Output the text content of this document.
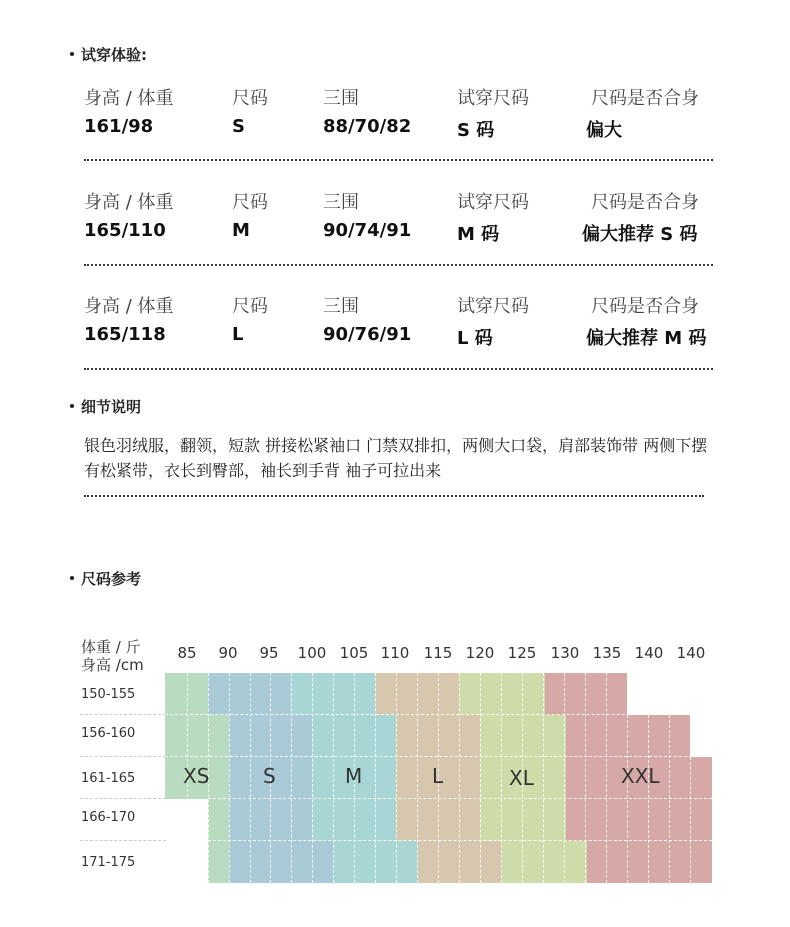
试穿体验:
身高 / 体重	尺码	三围	试穿尺码	尺码是否合身
161/98	S	88/70/82	S 码	偏大
身高 / 体重	尺码	三围	试穿尺码	尺码是否合身
165/110	M	90/74/91	M 码	偏大推荐 S 码
身高 / 体重	尺码	三围	试穿尺码	尺码是否合身
165/118	L	90/76/91	L 码	偏大推荐 M 码
细节说明
银色羽绒服，翻领，短款 拼接松紧袖口 门禁双排扣，两侧大口袋，肩部装饰带 两侧下摆有松紧带，衣长到臀部，袖长到手背 袖子可拉出来
尺码参考
体重 / 斤
身高 /cm
85	90	95	100 105 110 115 120 125 130 135 140 140
150-155
156-160
161-165
166-170
171-175
XS	S	M	L	XL	XXL
